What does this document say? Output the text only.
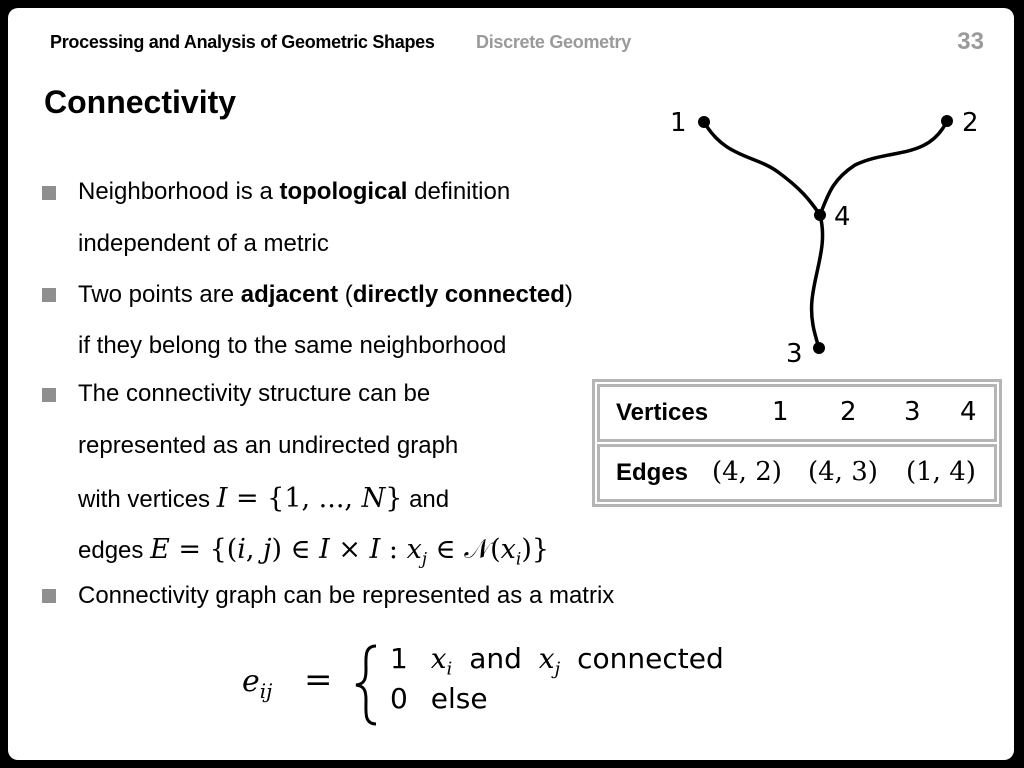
Processing and Analysis of Geometric Shapes Discrete Geometry	33
Connectivity
Neighborhood is a topological definition
independent of a metric
Two points are adjacent (directly connected)
if they belong to the same neighborhood
The connectivity structure can be
represented as an undirected graph
with vertices I = {1, ..., N} and
edges E = {(i, j) ∈ I × I : $x_j$ ∈ $𝒩(x_i)$}
Connectivity graph can be represented as a matrix
1	2
4
3
Vertices 1 2 3 4
Edges (4, 2) (4, 3) (1, 4)
$e_{ij}$ =
1 $x_i$ and $x_j$ connected
0 else
